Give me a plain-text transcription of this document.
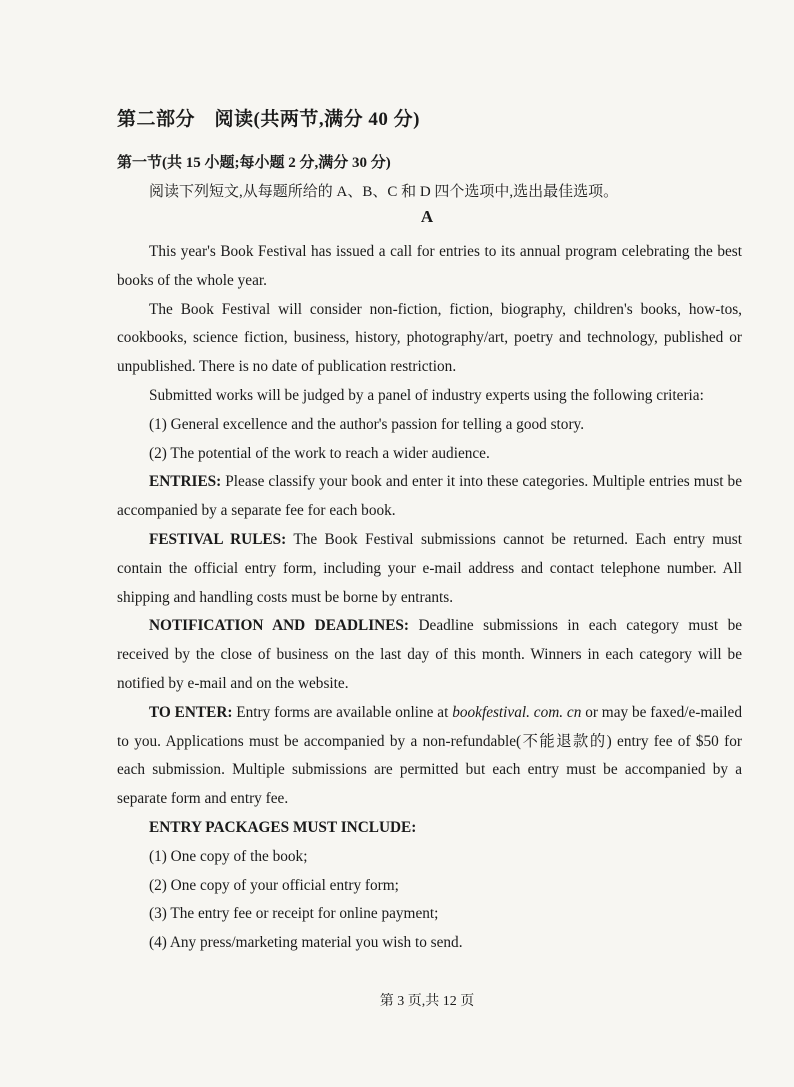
第二部分　阅读(共两节,满分 40 分)
第一节(共 15 小题;每小题 2 分,满分 30 分)
阅读下列短文,从每题所给的 A、B、C 和 D 四个选项中,选出最佳选项。
A

This year's Book Festival has issued a call for entries to its annual program celebrating the best books of the whole year.

The Book Festival will consider non-fiction, fiction, biography, children's books, how-tos, cookbooks, science fiction, business, history, photography/art, poetry and technology, published or unpublished. There is no date of publication restriction.

Submitted works will be judged by a panel of industry experts using the following criteria:

(1) General excellence and the author's passion for telling a good story.

(2) The potential of the work to reach a wider audience.

ENTRIES: Please classify your book and enter it into these categories. Multiple entries must be accompanied by a separate fee for each book.

FESTIVAL RULES: The Book Festival submissions cannot be returned. Each entry must contain the official entry form, including your e-mail address and contact telephone number. All shipping and handling costs must be borne by entrants.

NOTIFICATION AND DEADLINES: Deadline submissions in each category must be received by the close of business on the last day of this month. Winners in each category will be notified by e-mail and on the website.

TO ENTER: Entry forms are available online at bookfestival. com. cn or may be faxed/e-mailed to you. Applications must be accompanied by a non-refundable(不能退款的) entry fee of $50 for each submission. Multiple submissions are permitted but each entry must be accompanied by a separate form and entry fee.

ENTRY PACKAGES MUST INCLUDE:

(1) One copy of the book;

(2) One copy of your official entry form;

(3) The entry fee or receipt for online payment;

(4) Any press/marketing material you wish to send.

第 3 页,共 12 页
